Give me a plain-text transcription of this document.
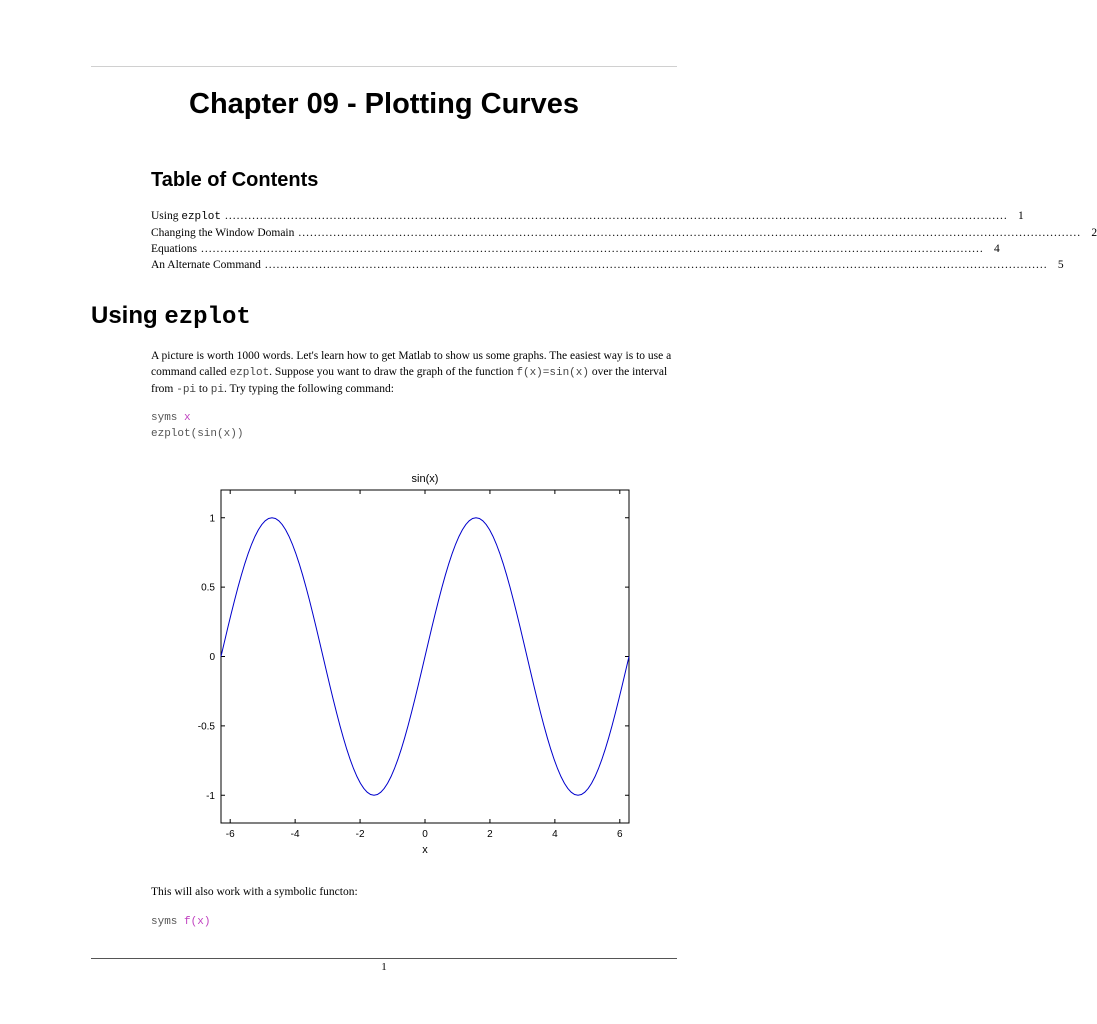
Chapter 09 - Plotting Curves
Table of Contents
Using ezplot .......................................................................................................................................................................................................... 1
Changing the Window Domain .......................................................................................................................................................................................................... 2
Equations .......................................................................................................................................................................................................... 4
An Alternate Command .......................................................................................................................................................................................................... 5
Using ezplot
A picture is worth 1000 words. Let's learn how to get Matlab to show us some graphs. The easiest way is to use a command called ezplot. Suppose you want to draw the graph of the function f(x)=sin(x) over the interval from -pi to pi. Try typing the following command:
syms x
ezplot(sin(x))
-6	-4	-2	0	2	4	6
1
0.5
0
-0.5
-1
sin(x)
x
This will also work with a symbolic functon:
syms f(x)
1
